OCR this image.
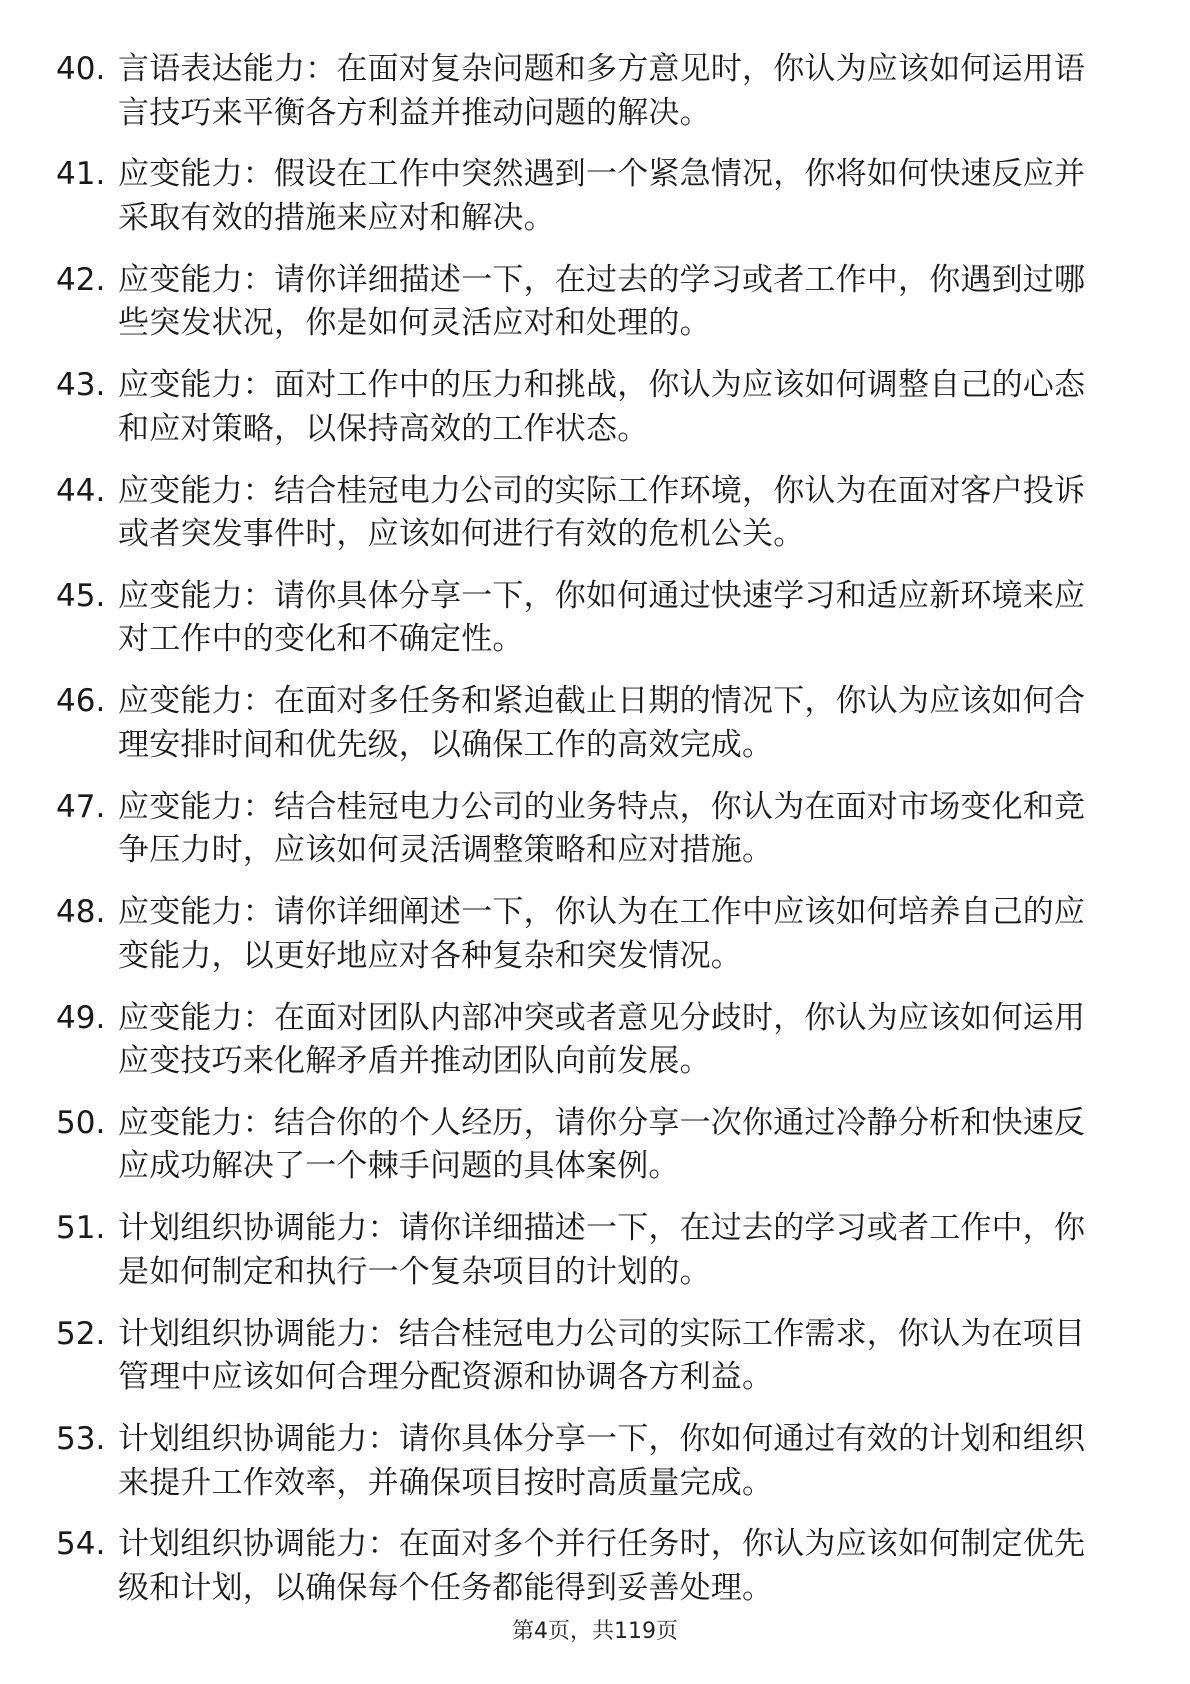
40. 言语表达能力：在面对复杂问题和多方意见时，你认为应该如何运用语言技巧来平衡各方利益并推动问题的解决。
41. 应变能力：假设在工作中突然遇到一个紧急情况，你将如何快速反应并采取有效的措施来应对和解决。
42. 应变能力：请你详细描述一下，在过去的学习或者工作中，你遇到过哪些突发状况，你是如何灵活应对和处理的。
43. 应变能力：面对工作中的压力和挑战，你认为应该如何调整自己的心态和应对策略，以保持高效的工作状态。
44. 应变能力：结合桂冠电力公司的实际工作环境，你认为在面对客户投诉或者突发事件时，应该如何进行有效的危机公关。
45. 应变能力：请你具体分享一下，你如何通过快速学习和适应新环境来应对工作中的变化和不确定性。
46. 应变能力：在面对多任务和紧迫截止日期的情况下，你认为应该如何合理安排时间和优先级，以确保工作的高效完成。
47. 应变能力：结合桂冠电力公司的业务特点，你认为在面对市场变化和竞争压力时，应该如何灵活调整策略和应对措施。
48. 应变能力：请你详细阐述一下，你认为在工作中应该如何培养自己的应变能力，以更好地应对各种复杂和突发情况。
49. 应变能力：在面对团队内部冲突或者意见分歧时，你认为应该如何运用应变技巧来化解矛盾并推动团队向前发展。
50. 应变能力：结合你的个人经历，请你分享一次你通过冷静分析和快速反应成功解决了一个棘手问题的具体案例。
51. 计划组织协调能力：请你详细描述一下，在过去的学习或者工作中，你是如何制定和执行一个复杂项目的计划的。
52. 计划组织协调能力：结合桂冠电力公司的实际工作需求，你认为在项目管理中应该如何合理分配资源和协调各方利益。
53. 计划组织协调能力：请你具体分享一下，你如何通过有效的计划和组织来提升工作效率，并确保项目按时高质量完成。
54. 计划组织协调能力：在面对多个并行任务时，你认为应该如何制定优先级和计划，以确保每个任务都能得到妥善处理。
第4页，共119页
